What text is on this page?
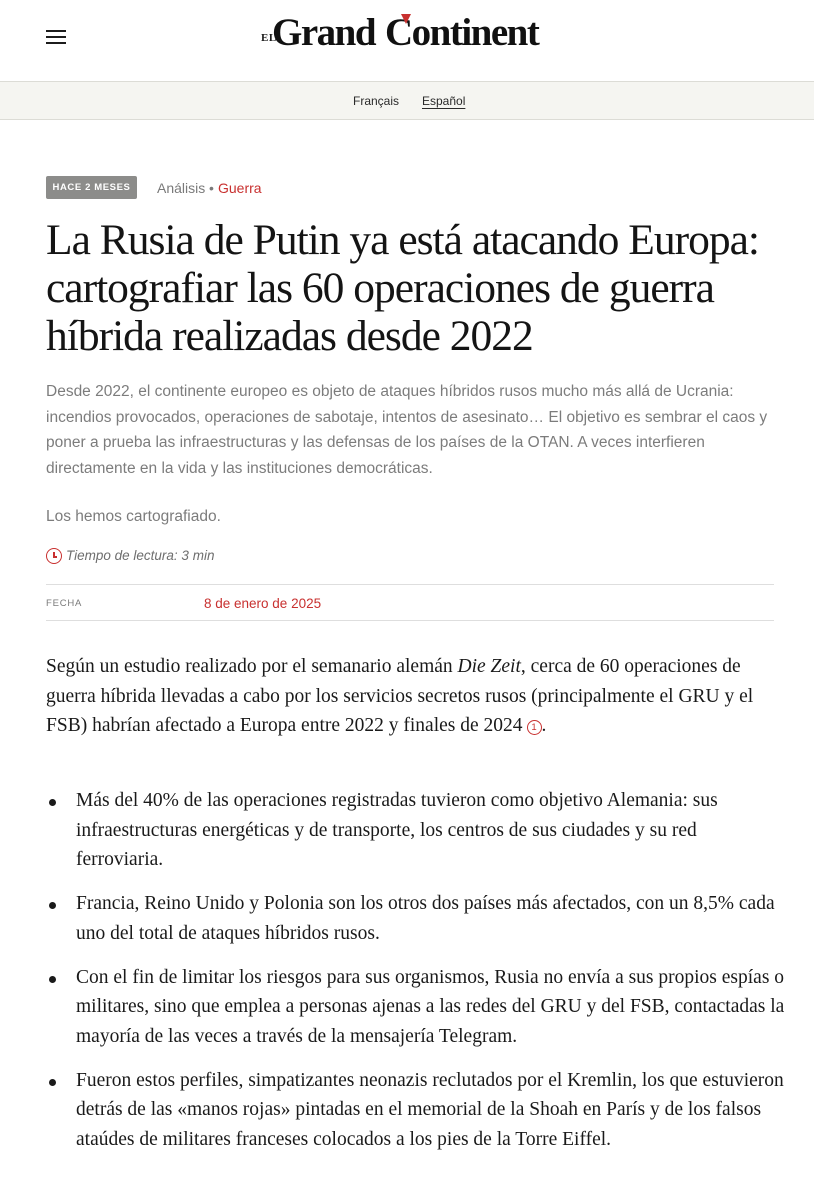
EL
Grand Continent
Français Español
HACE 2 MESES	Análisis • Guerra
La Rusia de Putin ya está atacando Europa: cartografiar las 60 operaciones de guerra híbrida realizadas desde 2022

Desde 2022, el continente europeo es objeto de ataques híbridos rusos mucho más allá de Ucrania: incendios provocados, operaciones de sabotaje, intentos de asesinato… El objetivo es sembrar el caos y poner a prueba las infraestructuras y las defensas de los países de la OTAN. A veces interfieren directamente en la vida y las instituciones democráticas.

Los hemos cartografiado.

Tiempo de lectura: 3 min
FECHA	8 de enero de 2025

Según un estudio realizado por el semanario alemán Die Zeit, cerca de 60 operaciones de guerra híbrida llevadas a cabo por los servicios secretos rusos (principalmente el GRU y el FSB) habrían afectado a Europa entre 2022 y finales de 2024 1 .

Más del 40% de las operaciones registradas tuvieron como objetivo Alemania: sus infraestructuras energéticas y de transporte, los centros de sus ciudades y su red ferroviaria.
Francia, Reino Unido y Polonia son los otros dos países más afectados, con un 8,5% cada uno del total de ataques híbridos rusos.
Con el fin de limitar los riesgos para sus organismos, Rusia no envía a sus propios espías o militares, sino que emplea a personas ajenas a las redes del GRU y del FSB, contactadas la mayoría de las veces a través de la mensajería Telegram.
Fueron estos perfiles, simpatizantes neonazis reclutados por el Kremlin, los que estuvieron detrás de las «manos rojas» pintadas en el memorial de la Shoah en París y de los falsos ataúdes de militares franceses colocados a los pies de la Torre Eiffel.
